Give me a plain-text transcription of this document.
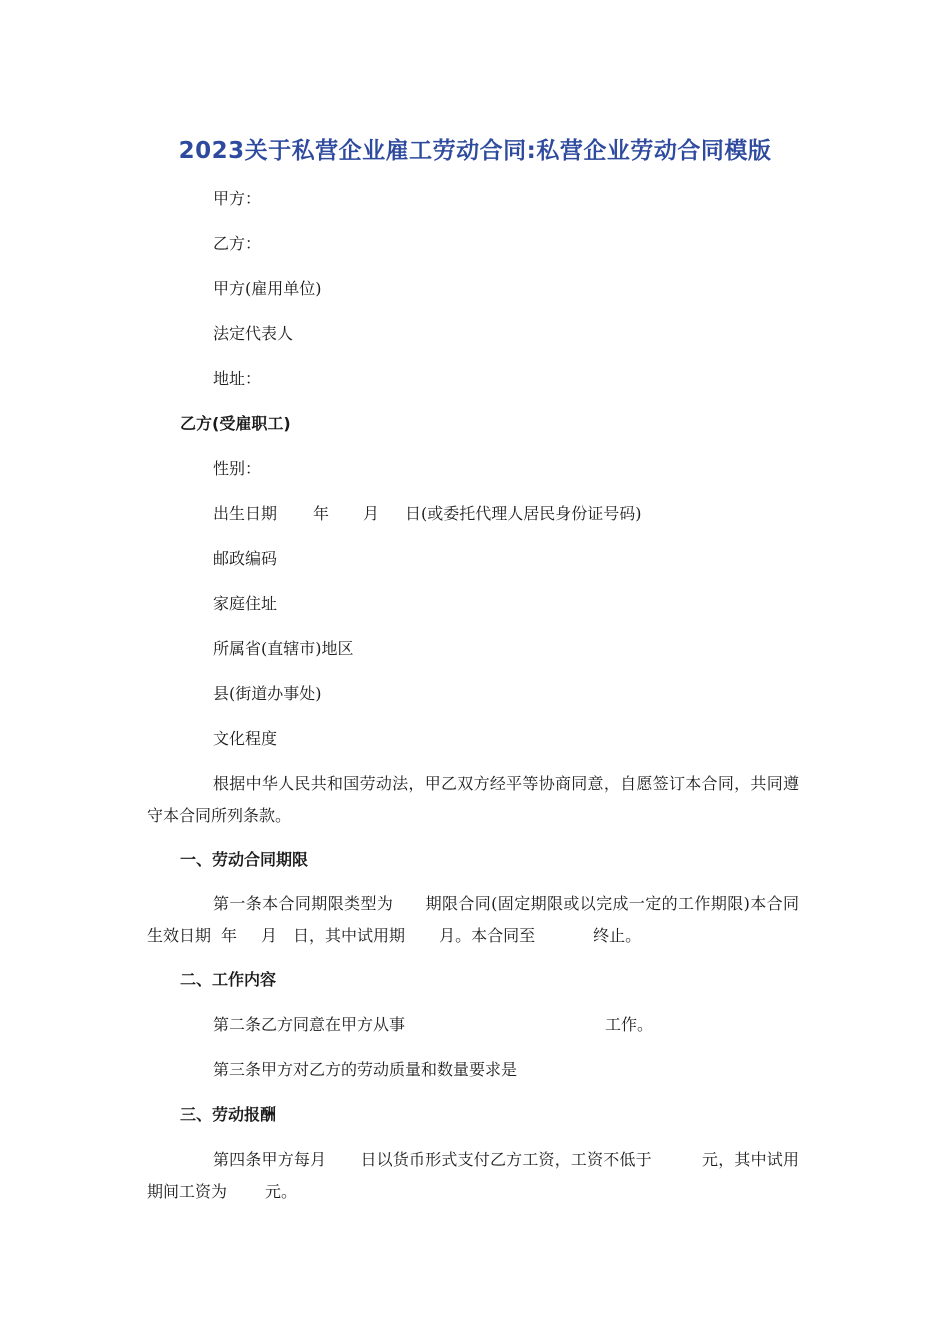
2023关于私营企业雇工劳动合同:私营企业劳动合同模版
甲方：
乙方：
甲方(雇用单位)
法定代表人
地址：
乙方(受雇职工)
性别：
出生日期 年 月 日(或委托代理人居民身份证号码)
邮政编码
家庭住址
所属省(直辖市)地区
县(街道办事处)
文化程度
根据中华人民共和国劳动法，甲乙双方经平等协商同意，自愿签订本合同，共同遵守本合同所列条款。
一、劳动合同期限
第一条本合同期限类型为 期限合同(固定期限或以完成一定的工作期限)本合同生效日期 年 月 日，其中试用期 月。本合同至	终止。
二、工作内容
第二条乙方同意在甲方从事	工作。
第三条甲方对乙方的劳动质量和数量要求是
三、劳动报酬
第四条甲方每月 日以货币形式支付乙方工资，工资不低于	元，其中试用期间工资为 元。
